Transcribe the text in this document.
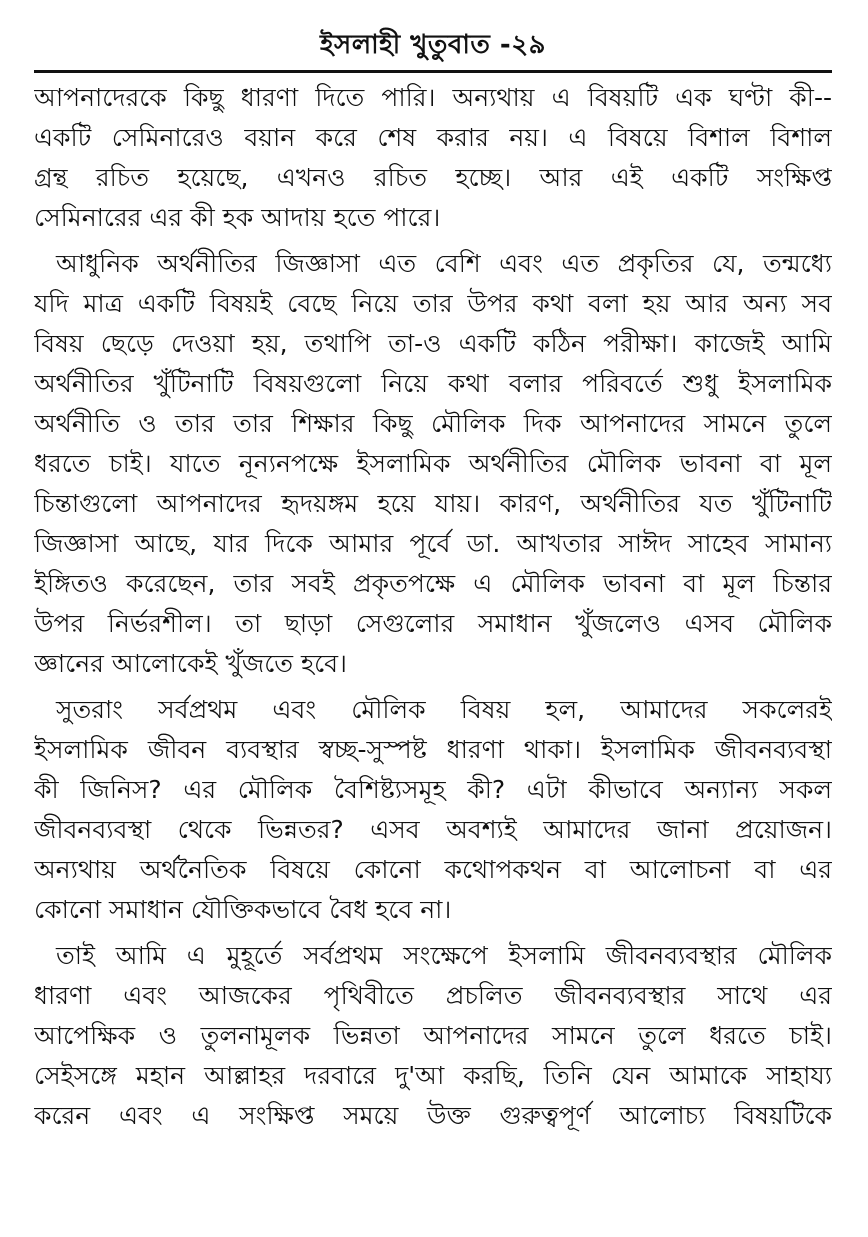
ইসলাহী খুতুবাত -২৯

আপনাদেরকে কিছু ধারণা দিতে পারি। অন্যথায় এ বিষয়টি এক ঘণ্টা কী--
একটি সেমিনারেও বয়ান করে শেষ করার নয়। এ বিষয়ে বিশাল বিশাল
গ্রন্থ রচিত হয়েছে, এখনও রচিত হচ্ছে। আর এই একটি সংক্ষিপ্ত
সেমিনারের এর কী হক আদায় হতে পারে।

আধুনিক অর্থনীতির জিজ্ঞাসা এত বেশি এবং এত প্রকৃতির যে, তন্মধ্যে
যদি মাত্র একটি বিষয়ই বেছে নিয়ে তার উপর কথা বলা হয় আর অন্য সব
বিষয় ছেড়ে দেওয়া হয়, তথাপি তা-ও একটি কঠিন পরীক্ষা। কাজেই আমি
অর্থনীতির খুঁটিনাটি বিষয়গুলো নিয়ে কথা বলার পরিবর্তে শুধু ইসলামিক
অর্থনীতি ও তার তার শিক্ষার কিছু মৌলিক দিক আপনাদের সামনে তুলে
ধরতে চাই। যাতে নূন্যনপক্ষে ইসলামিক অর্থনীতির মৌলিক ভাবনা বা মূল
চিন্তাগুলো আপনাদের হৃদয়ঙ্গম হয়ে যায়। কারণ, অর্থনীতির যত খুঁটিনাটি
জিজ্ঞাসা আছে, যার দিকে আমার পূর্বে ডা. আখতার সাঈদ সাহেব সামান্য
ইঙ্গিতও করেছেন, তার সবই প্রকৃতপক্ষে এ মৌলিক ভাবনা বা মূল চিন্তার
উপর নির্ভরশীল। তা ছাড়া সেগুলোর সমাধান খুঁজলেও এসব মৌলিক
জ্ঞানের আলোকেই খুঁজতে হবে।

সুতরাং সর্বপ্রথম এবং মৌলিক বিষয় হল, আমাদের সকলেরই
ইসলামিক জীবন ব্যবস্থার স্বচ্ছ-সুস্পষ্ট ধারণা থাকা। ইসলামিক জীবনব্যবস্থা
কী জিনিস? এর মৌলিক বৈশিষ্ট্যসমূহ কী? এটা কীভাবে অন্যান্য সকল
জীবনব্যবস্থা থেকে ভিন্নতর? এসব অবশ্যই আমাদের জানা প্রয়োজন।
অন্যথায় অর্থনৈতিক বিষয়ে কোনো কথোপকথন বা আলোচনা বা এর
কোনো সমাধান যৌক্তিকভাবে বৈধ হবে না।

তাই আমি এ মুহূর্তে সর্বপ্রথম সংক্ষেপে ইসলামি জীবনব্যবস্থার মৌলিক
ধারণা এবং আজকের পৃথিবীতে প্রচলিত জীবনব্যবস্থার সাথে এর
আপেক্ষিক ও তুলনামূলক ভিন্নতা আপনাদের সামনে তুলে ধরতে চাই।
সেইসঙ্গে মহান আল্লাহর দরবারে দু'আ করছি, তিনি যেন আমাকে সাহায্য
করেন এবং এ সংক্ষিপ্ত সময়ে উক্ত গুরুত্বপূর্ণ আলোচ্য বিষয়টিকে
